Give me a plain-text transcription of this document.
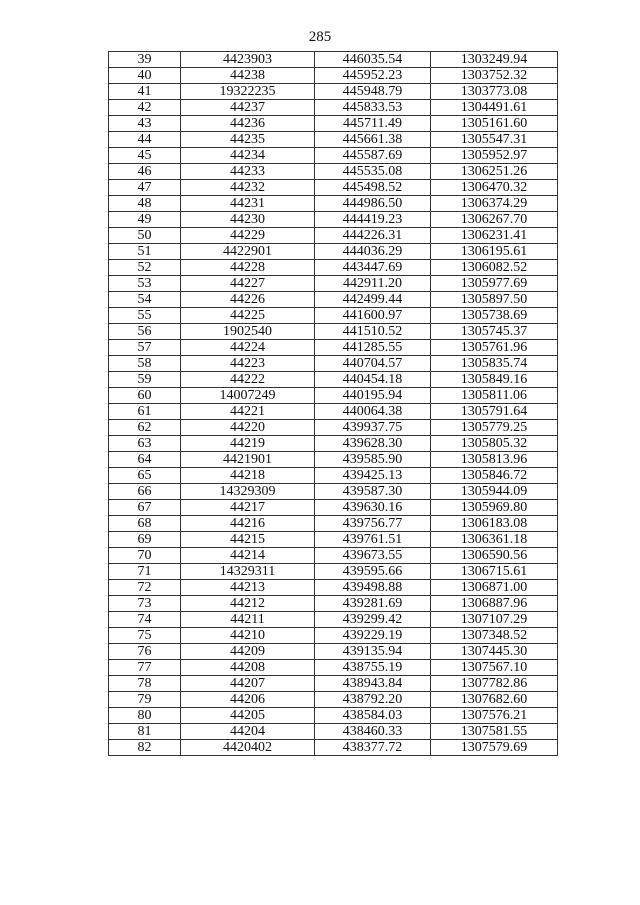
285
39	4423903	446035.54	1303249.94
40	44238	445952.23	1303752.32
41	19322235	445948.79	1303773.08
42	44237	445833.53	1304491.61
43	44236	445711.49	1305161.60
44	44235	445661.38	1305547.31
45	44234	445587.69	1305952.97
46	44233	445535.08	1306251.26
47	44232	445498.52	1306470.32
48	44231	444986.50	1306374.29
49	44230	444419.23	1306267.70
50	44229	444226.31	1306231.41
51	4422901	444036.29	1306195.61
52	44228	443447.69	1306082.52
53	44227	442911.20	1305977.69
54	44226	442499.44	1305897.50
55	44225	441600.97	1305738.69
56	1902540	441510.52	1305745.37
57	44224	441285.55	1305761.96
58	44223	440704.57	1305835.74
59	44222	440454.18	1305849.16
60	14007249	440195.94	1305811.06
61	44221	440064.38	1305791.64
62	44220	439937.75	1305779.25
63	44219	439628.30	1305805.32
64	4421901	439585.90	1305813.96
65	44218	439425.13	1305846.72
66	14329309	439587.30	1305944.09
67	44217	439630.16	1305969.80
68	44216	439756.77	1306183.08
69	44215	439761.51	1306361.18
70	44214	439673.55	1306590.56
71	14329311	439595.66	1306715.61
72	44213	439498.88	1306871.00
73	44212	439281.69	1306887.96
74	44211	439299.42	1307107.29
75	44210	439229.19	1307348.52
76	44209	439135.94	1307445.30
77	44208	438755.19	1307567.10
78	44207	438943.84	1307782.86
79	44206	438792.20	1307682.60
80	44205	438584.03	1307576.21
81	44204	438460.33	1307581.55
82	4420402	438377.72	1307579.69
